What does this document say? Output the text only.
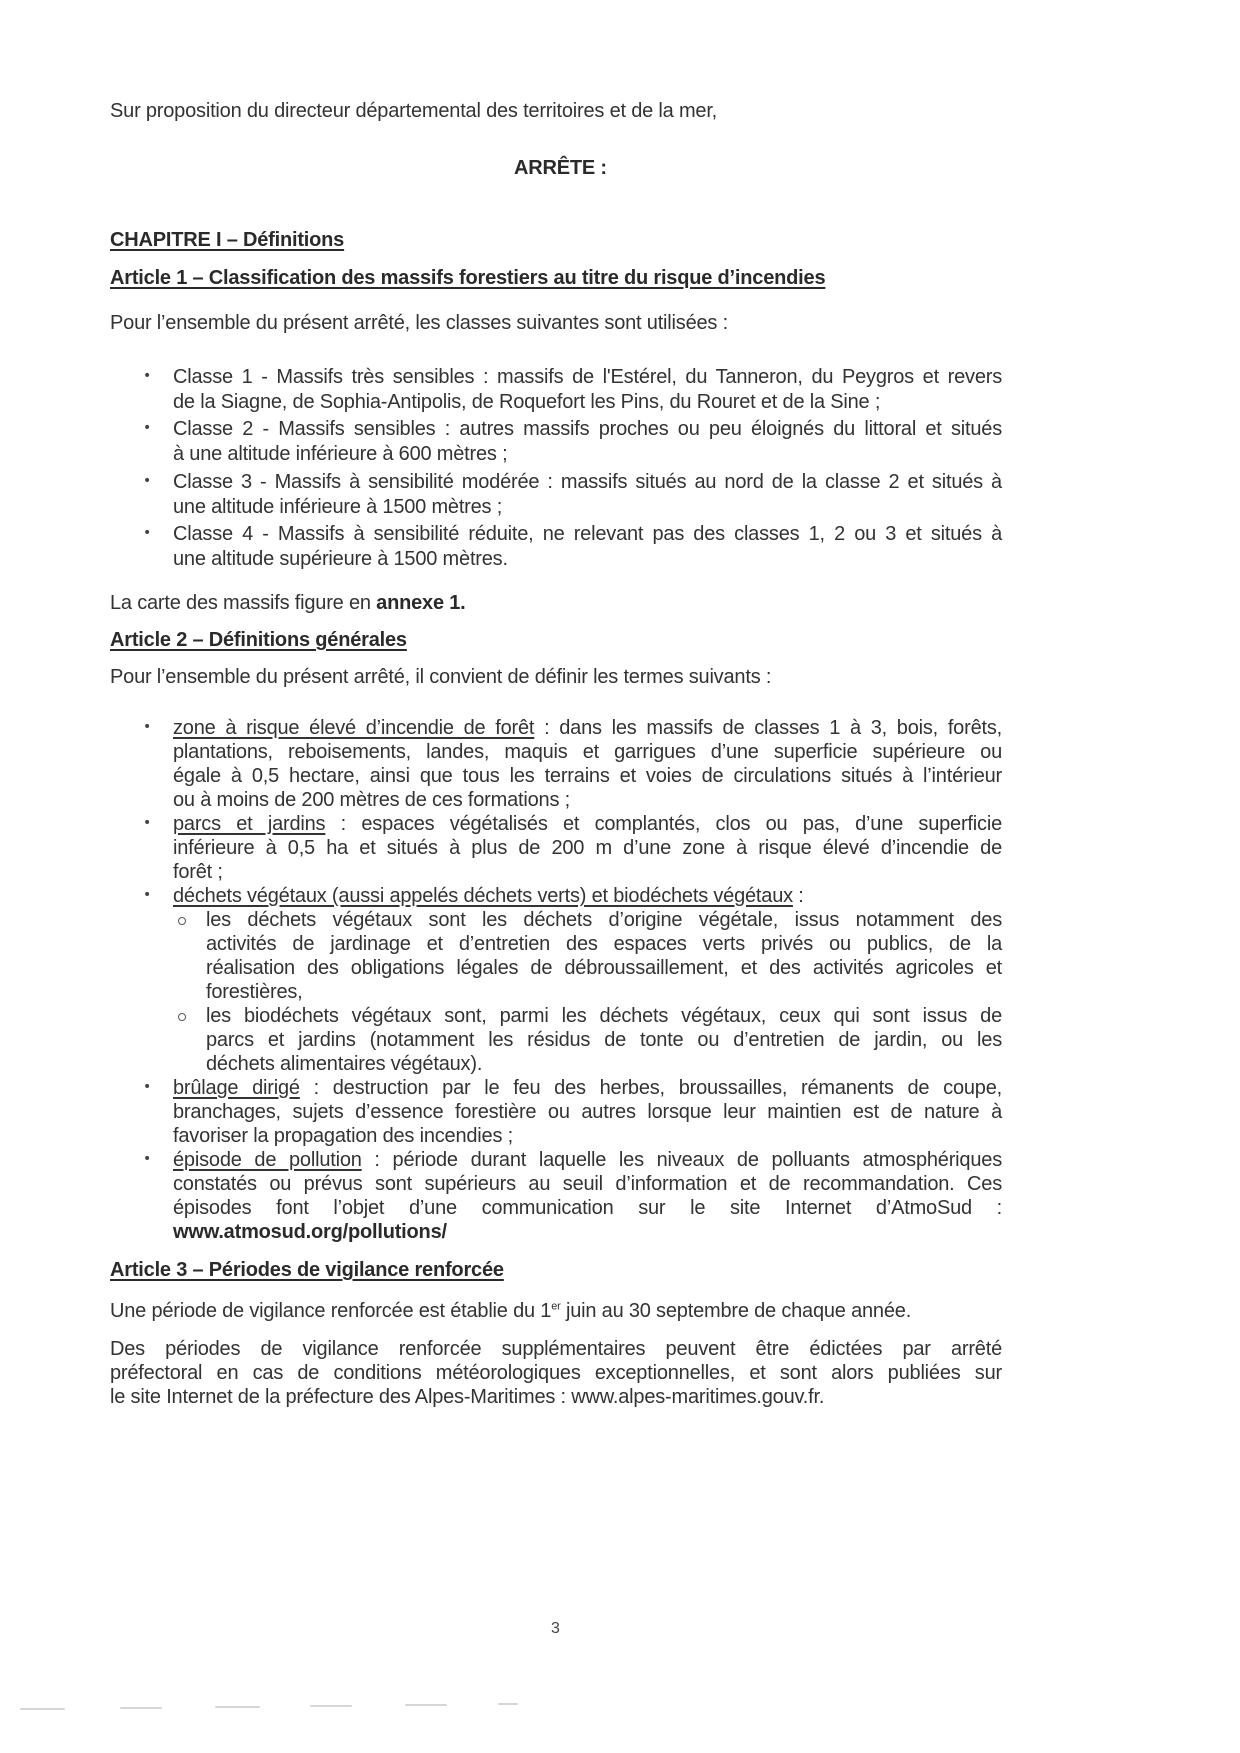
Sur proposition du directeur départemental des territoires et de la mer,
ARRÊTE :
CHAPITRE I – Définitions
Article 1 – Classification des massifs forestiers au titre du risque d’incendies
Pour l’ensemble du présent arrêté, les classes suivantes sont utilisées :
• Classe 1 - Massifs très sensibles : massifs de l'Estérel, du Tanneron, du Peygros et revers
de la Siagne, de Sophia-Antipolis, de Roquefort les Pins, du Rouret et de la Sine ;
• Classe 2 - Massifs sensibles : autres massifs proches ou peu éloignés du littoral et situés
à une altitude inférieure à 600 mètres ;
• Classe 3 - Massifs à sensibilité modérée : massifs situés au nord de la classe 2 et situés à
une altitude inférieure à 1500 mètres ;
• Classe 4 - Massifs à sensibilité réduite, ne relevant pas des classes 1, 2 ou 3 et situés à
une altitude supérieure à 1500 mètres.
La carte des massifs figure en annexe 1.
Article 2 – Définitions générales
Pour l’ensemble du présent arrêté, il convient de définir les termes suivants :
• zone à risque élevé d’incendie de forêt : dans les massifs de classes 1 à 3, bois, forêts,
plantations, reboisements, landes, maquis et garrigues d’une superficie supérieure ou
égale à 0,5 hectare, ainsi que tous les terrains et voies de circulations situés à l’intérieur
ou à moins de 200 mètres de ces formations ;
• parcs et jardins : espaces végétalisés et complantés, clos ou pas, d’une superficie
inférieure à 0,5 ha et situés à plus de 200 m d’une zone à risque élevé d’incendie de
forêt ;
• déchets végétaux (aussi appelés déchets verts) et biodéchets végétaux :
les déchets végétaux sont les déchets d’origine végétale, issus notamment des
activités de jardinage et d’entretien des espaces verts privés ou publics, de la
réalisation des obligations légales de débroussaillement, et des activités agricoles et
forestières,
les biodéchets végétaux sont, parmi les déchets végétaux, ceux qui sont issus de
parcs et jardins (notamment les résidus de tonte ou d’entretien de jardin, ou les
déchets alimentaires végétaux).
• brûlage dirigé : destruction par le feu des herbes, broussailles, rémanents de coupe,
branchages, sujets d’essence forestière ou autres lorsque leur maintien est de nature à
favoriser la propagation des incendies ;
• épisode de pollution : période durant laquelle les niveaux de polluants atmosphériques
constatés ou prévus sont supérieurs au seuil d’information et de recommandation. Ces
épisodes font l’objet d’une communication sur le site Internet d’AtmoSud :
www.atmosud.org/pollutions/
Article 3 – Périodes de vigilance renforcée
Une période de vigilance renforcée est établie du 1er juin au 30 septembre de chaque année.
Des périodes de vigilance renforcée supplémentaires peuvent être édictées par arrêté
préfectoral en cas de conditions météorologiques exceptionnelles, et sont alors publiées sur
le site Internet de la préfecture des Alpes-Maritimes : www.alpes-maritimes.gouv.fr.
3
